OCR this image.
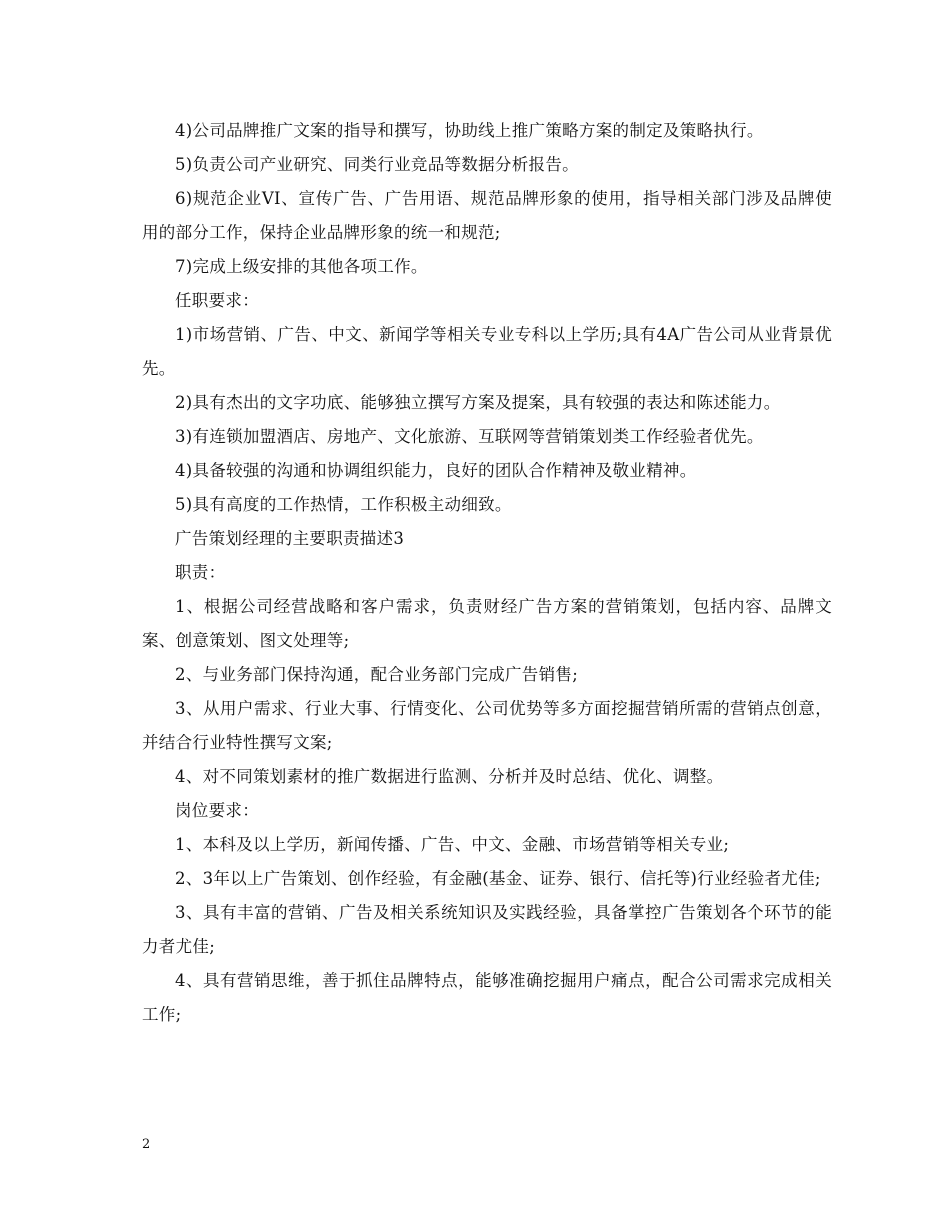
4)公司品牌推广文案的指导和撰写，协助线上推广策略方案的制定及策略执行。

5)负责公司产业研究、同类行业竞品等数据分析报告。

6)规范企业VI、宣传广告、广告用语、规范品牌形象的使用，指导相关部门涉及品牌使用的部分工作，保持企业品牌形象的统一和规范;

7)完成上级安排的其他各项工作。

任职要求：

1)市场营销、广告、中文、新闻学等相关专业专科以上学历;具有4A广告公司从业背景优先。

2)具有杰出的文字功底、能够独立撰写方案及提案，具有较强的表达和陈述能力。

3)有连锁加盟酒店、房地产、文化旅游、互联网等营销策划类工作经验者优先。

4)具备较强的沟通和协调组织能力，良好的团队合作精神及敬业精神。

5)具有高度的工作热情，工作积极主动细致。

广告策划经理的主要职责描述3

职责：

1、根据公司经营战略和客户需求，负责财经广告方案的营销策划，包括内容、品牌文案、创意策划、图文处理等;

2、与业务部门保持沟通，配合业务部门完成广告销售;

3、从用户需求、行业大事、行情变化、公司优势等多方面挖掘营销所需的营销点创意，并结合行业特性撰写文案;

4、对不同策划素材的推广数据进行监测、分析并及时总结、优化、调整。

岗位要求：

1、本科及以上学历，新闻传播、广告、中文、金融、市场营销等相关专业;

2、3年以上广告策划、创作经验，有金融(基金、证券、银行、信托等)行业经验者尤佳;

3、具有丰富的营销、广告及相关系统知识及实践经验，具备掌控广告策划各个环节的能力者尤佳;

4、具有营销思维，善于抓住品牌特点，能够准确挖掘用户痛点，配合公司需求完成相关工作;

2
